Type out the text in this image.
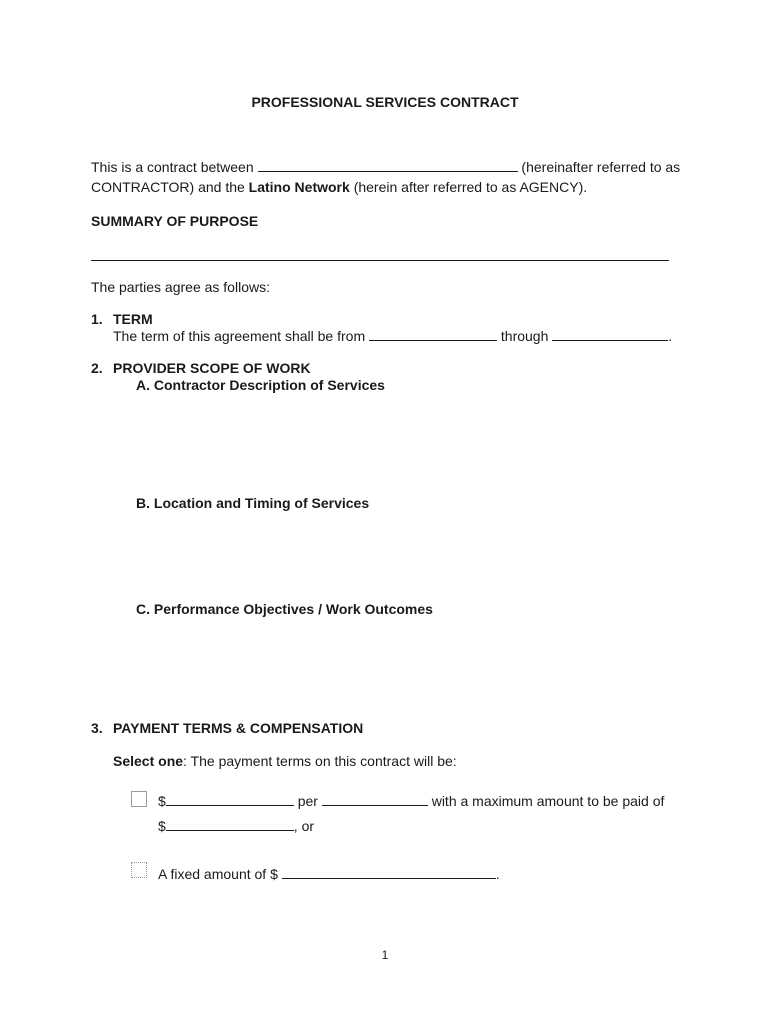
PROFESSIONAL SERVICES CONTRACT
This is a contract between	(hereinafter referred to as
CONTRACTOR) and the Latino Network (herein after referred to as AGENCY).
SUMMARY OF PURPOSE
The parties agree as follows:
1. TERM
The term of this agreement shall be from	through	.
2. PROVIDER SCOPE OF WORK
A. Contractor Description of Services
B. Location and Timing of Services
C. Performance Objectives / Work Outcomes
3. PAYMENT TERMS & COMPENSATION
Select one: The payment terms on this contract will be:
$	per	with a maximum amount to be paid of
$	, or
A fixed amount of $	.
1
